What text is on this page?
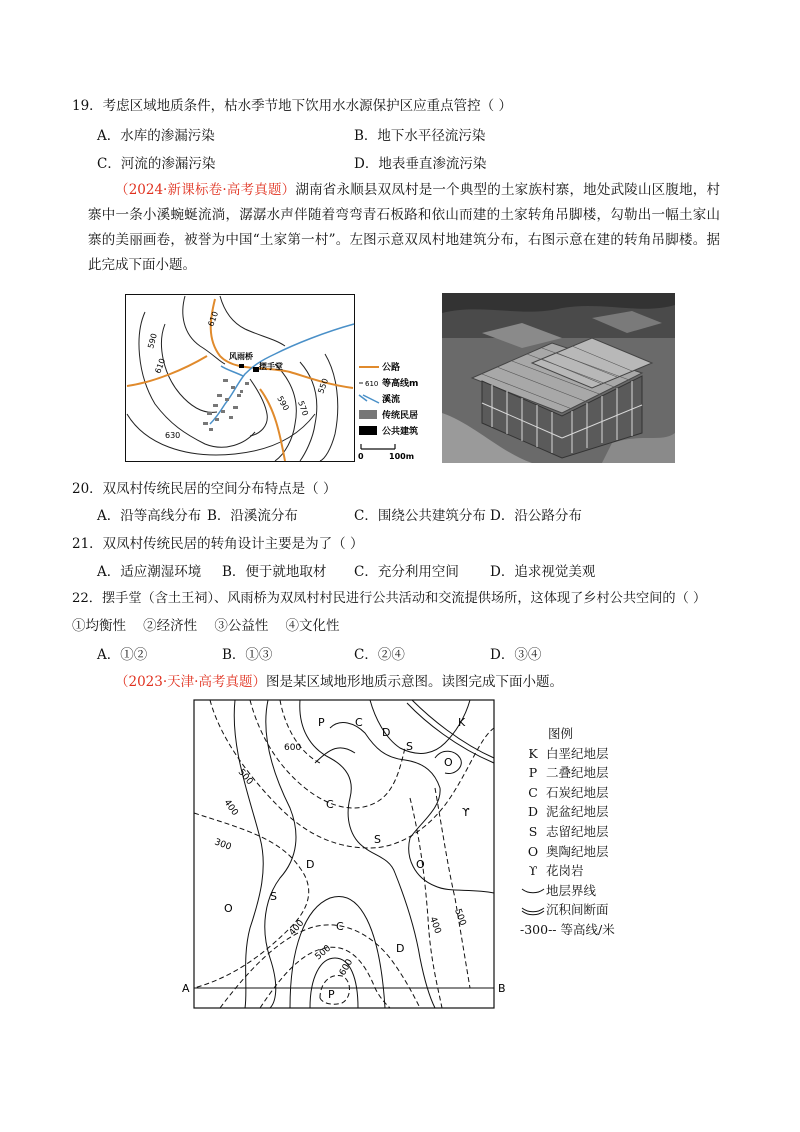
19．考虑区域地质条件，枯水季节地下饮用水水源保护区应重点管控（ ）
A．水库的渗漏污染	B．地下水平径流污染
C．河流的渗漏污染	D．地表垂直渗流污染
（2024·新课标卷·高考真题）湖南省永顺县双凤村是一个典型的土家族村寨，地处武陵山区腹地，村寨中一条小溪蜿蜒流淌，潺潺水声伴随着弯弯青石板路和依山而建的土家转角吊脚楼，勾勒出一幅土家山寨的美丽画卷，被誉为中国“土家第一村”。左图示意双凤村地建筑分布，右图示意在建的转角吊脚楼。据此完成下面小题。
610
590
610
630
590 570
550
风雨桥
摆手堂	公路
610 等高线m
溪流
传统民居
公共建筑
0	100m
20．双凤村传统民居的空间分布特点是（ ）
A．沿等高线分布 B．沿溪流分布	C．围绕公共建筑分布 D．沿公路分布
21．双凤村传统民居的转角设计主要是为了（ ）
A．适应潮湿环境 B．便于就地取材 C．充分利用空间 D．追求视觉美观
22．摆手堂（含土王祠）、风雨桥为双凤村村民进行公共活动和交流提供场所，这体现了乡村公共空间的（ ）
①均衡性    ②经济性    ③公益性    ④文化性
A．①②	B．①③	C．②④	D．③④
（2023·天津·高考真题）图是某区域地形地质示意图。读图完成下面小题。
A	B
P	C
D
S
K
O
ϒ
C
S
D	O
O
S
C
D
P
600
500
400
300
400
500
400 500
600
图例
K 白垩纪地层
P 二叠纪地层
C 石炭纪地层
D 泥盆纪地层
S 志留纪地层
O 奥陶纪地层
ϒ 花岗岩
地层界线
沉积间断面
-300-- 等高线/米
